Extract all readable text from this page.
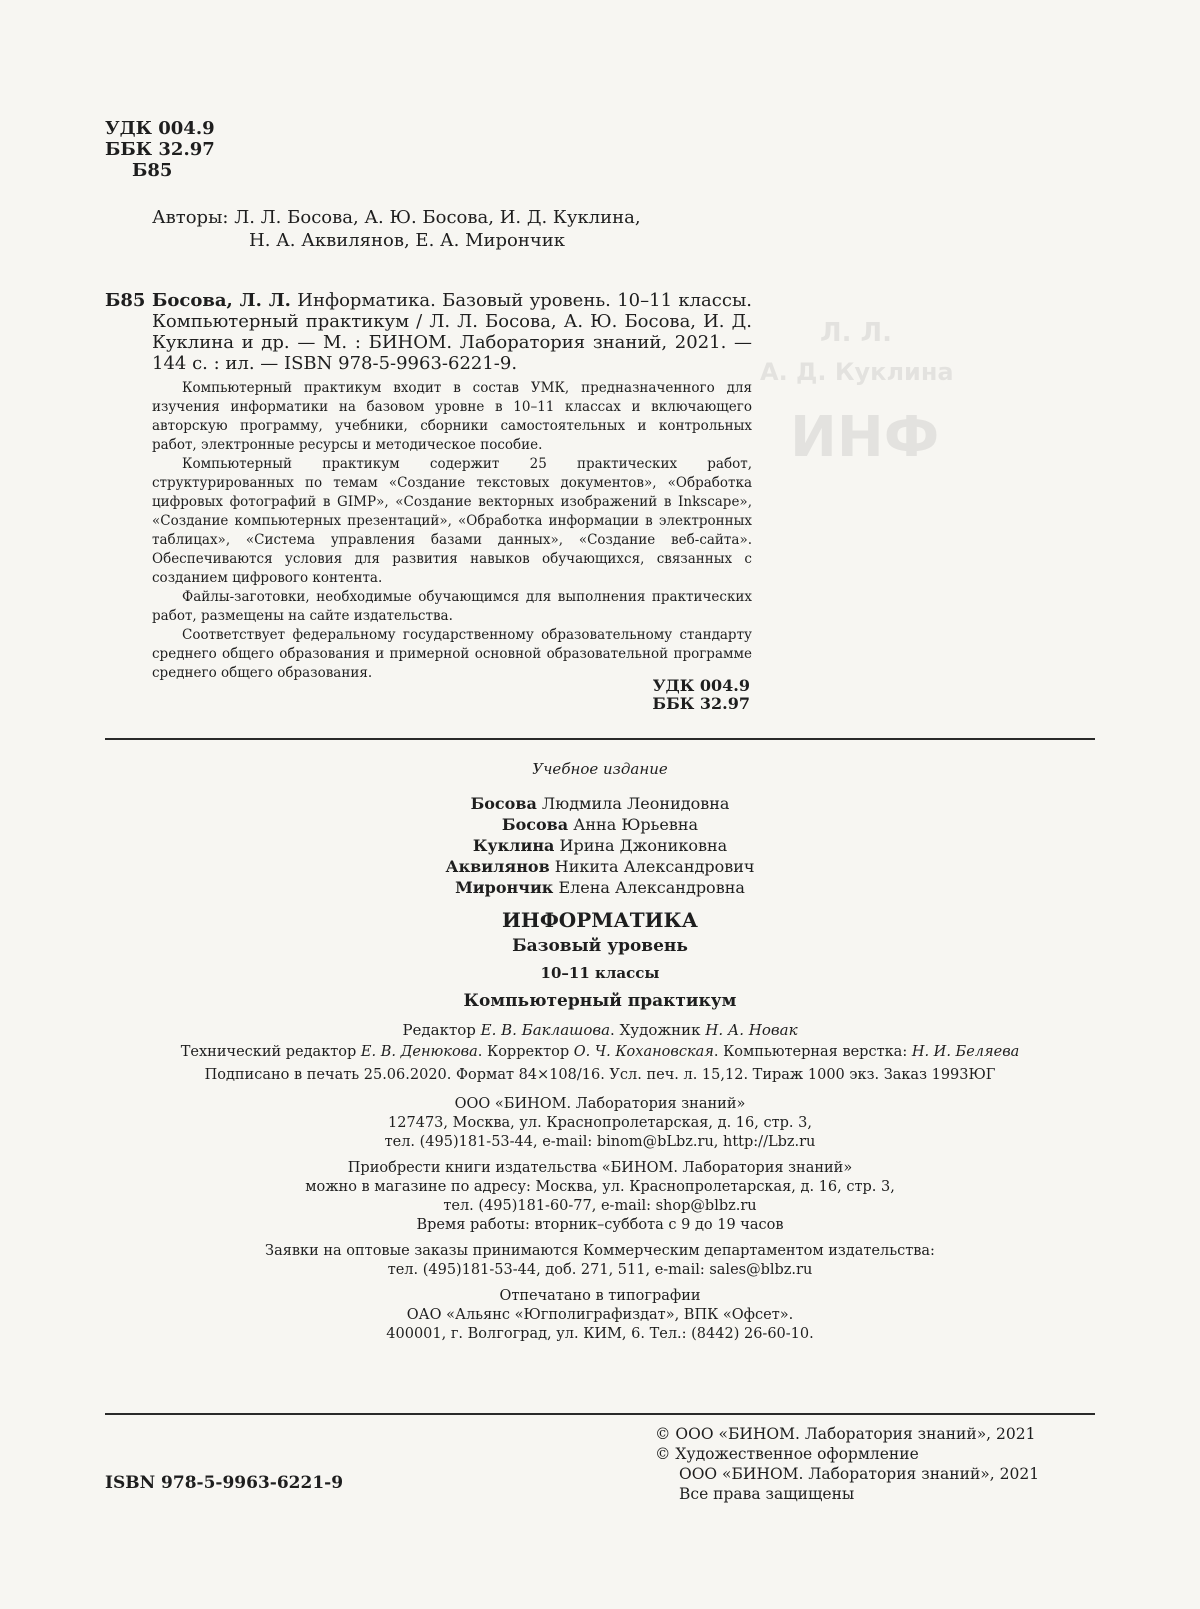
Л. Л.
А. Д. Куклина
ИНФ
УДК 004.9
ББК 32.97
Б85
Авторы: Л. Л. Босова, А. Ю. Босова, И. Д. Куклина,
Н. А. Аквилянов, Е. А. Мирончик
Б85 Босова, Л. Л. Информатика. Базовый уровень. 10–11 классы. Компьютерный практикум / Л. Л. Босова, А. Ю. Босова, И. Д. Куклина и др. — М. : БИНОМ. Лаборатория знаний, 2021. — 144 с. : ил. — ISBN 978-5-9963-6221-9.

Компьютерный практикум входит в состав УМК, предназначенного для изучения информатики на базовом уровне в 10–11 классах и включающего авторскую программу, учебники, сборники самостоятельных и контрольных работ, электронные ресурсы и методическое пособие.

Компьютерный практикум содержит 25 практических работ, структурированных по темам «Создание текстовых документов», «Обработка цифровых фотографий в GIMP», «Создание векторных изображений в Inkscape», «Создание компьютерных презентаций», «Обработка информации в электронных таблицах», «Система управления базами данных», «Создание веб-сайта». Обеспечиваются условия для развития навыков обучающихся, связанных с созданием цифрового контента.

Файлы-заготовки, необходимые обучающимся для выполнения практических работ, размещены на сайте издательства.

Соответствует федеральному государственному образовательному стандарту среднего общего образования и примерной основной образовательной программе среднего общего образования.

УДК 004.9
ББК 32.97
Учебное издание
Босова Людмила Леонидовна
Босова Анна Юрьевна
Куклина Ирина Джониковна
Аквилянов Никита Александрович
Мирончик Елена Александровна
ИНФОРМАТИКА
Базовый уровень
10–11 классы
Компьютерный практикум
Редактор Е. В. Баклашова. Художник Н. А. Новак
Технический редактор Е. В. Денюкова. Корректор О. Ч. Кохановская. Компьютерная верстка: Н. И. Беляева
Подписано в печать 25.06.2020. Формат 84×108/16. Усл. печ. л. 15,12. Тираж 1000 экз. Заказ 1993ЮГ
ООО «БИНОМ. Лаборатория знаний»
127473, Москва, ул. Краснопролетарская, д. 16, стр. 3,
тел. (495)181-53-44, e-mail: binom@bLbz.ru, http://Lbz.ru
Приобрести книги издательства «БИНОМ. Лаборатория знаний»
можно в магазине по адресу: Москва, ул. Краснопролетарская, д. 16, стр. 3,
тел. (495)181-60-77, e-mail: shop@blbz.ru
Время работы: вторник–суббота с 9 до 19 часов
Заявки на оптовые заказы принимаются Коммерческим департаментом издательства:
тел. (495)181-53-44, доб. 271, 511, e-mail: sales@blbz.ru
Отпечатано в типографии
ОАО «Альянс «Югполиграфиздат», ВПК «Офсет».
400001, г. Волгоград, ул. КИМ, 6. Тел.: (8442) 26-60-10.
© ООО «БИНОМ. Лаборатория знаний», 2021
© Художественное оформление
ООО «БИНОМ. Лаборатория знаний», 2021
Все права защищены
ISBN 978-5-9963-6221-9
